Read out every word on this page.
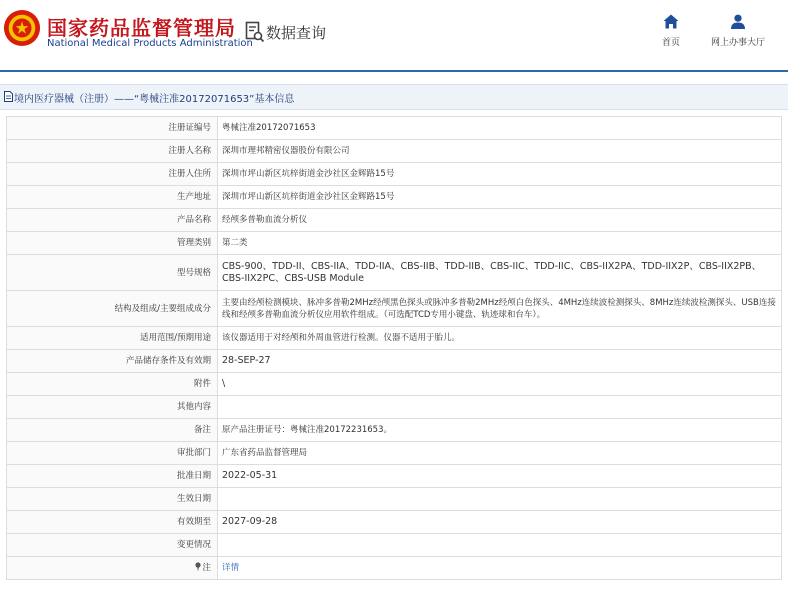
国家药品监督管理局
National Medical Products Administration
数据查询
首页	网上办事大厅
境内医疗器械（注册）——“粤械注准20172071653”基本信息
注册证编号	粤械注准20172071653
注册人名称	深圳市理邦精密仪器股份有限公司
注册人住所	深圳市坪山新区坑梓街道金沙社区金辉路15号
生产地址	深圳市坪山新区坑梓街道金沙社区金辉路15号
产品名称	经颅多普勒血流分析仪
管理类别	第二类
型号规格	CBS-900、TDD-II、CBS-IIA、TDD-IIA、CBS-IIB、TDD-IIB、CBS-IIC、TDD-IIC、CBS-IIX2PA、TDD-IIX2P、CBS-IIX2PB、CBS-IIX2PC、CBS-USB Module
结构及组成/主要组成成分	主要由经颅检测模块、脉冲多普勒2MHz经颅黑色探头或脉冲多普勒2MHz经颅白色探头、4MHz连续波检测探头、8MHz连续波检测探头、USB连接线和经颅多普勒血流分析仪应用软件组成。（可选配TCD专用小键盘、轨迹球和台车）。
适用范围/预期用途	该仪器适用于对经颅和外周血管进行检测。仪器不适用于胎儿。
产品储存条件及有效期	28-SEP-27
附件	\
其他内容	
备注	原产品注册证号：粤械注准20172231653。
审批部门	广东省药品监督管理局
批准日期	2022-05-31
生效日期	
有效期至	2027-09-28
变更情况	
注	详情
